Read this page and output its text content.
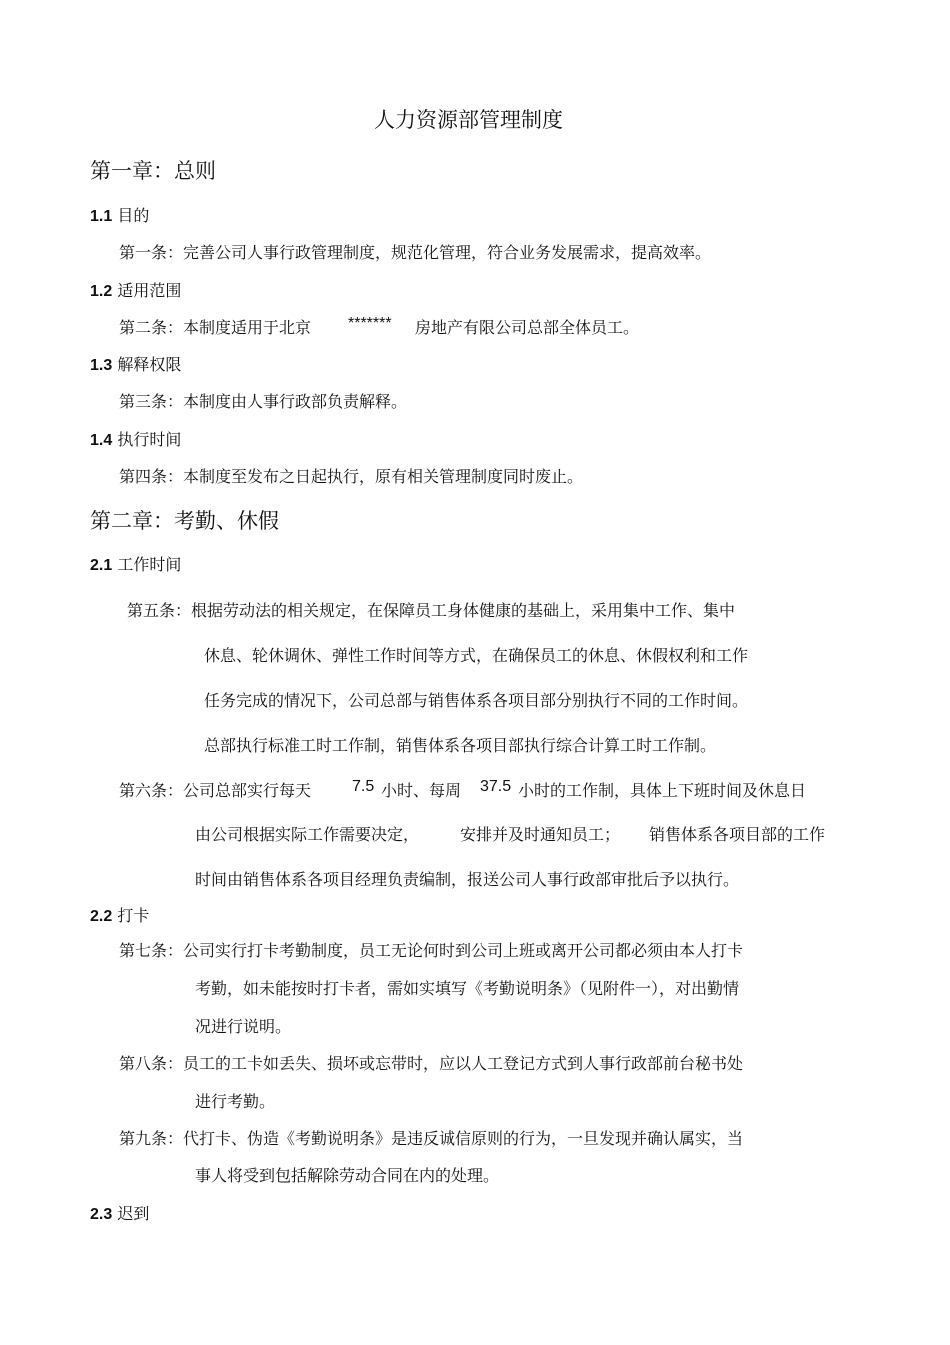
人力资源部管理制度
第一章：总则
1.1 目的
第一条：完善公司人事行政管理制度，规范化管理，符合业务发展需求，提高效率。
1.2 适用范围
第二条：本制度适用于北京 ******* 房地产有限公司总部全体员工。
1.3 解释权限
第三条：本制度由人事行政部负责解释。
1.4 执行时间
第四条：本制度至发布之日起执行，原有相关管理制度同时废止。
第二章：考勤、休假
2.1 工作时间
第五条：根据劳动法的相关规定，在保障员工身体健康的基础上，采用集中工作、集中
休息、轮休调休、弹性工作时间等方式，在确保员工的休息、休假权利和工作
任务完成的情况下，公司总部与销售体系各项目部分别执行不同的工作时间。
总部执行标准工时工作制，销售体系各项目部执行综合计算工时工作制。
第六条：公司总部实行每天	7.5 小时、每周 37.5 小时的工作制，具体上下班时间及休息日
由公司根据实际工作需要决定，	安排并及时通知员工； 销售体系各项目部的工作
时间由销售体系各项目经理负责编制，报送公司人事行政部审批后予以执行。
2.2 打卡
第七条：公司实行打卡考勤制度，员工无论何时到公司上班或离开公司都必须由本人打卡
考勤，如未能按时打卡者，需如实填写《考勤说明条》（见附件一），对出勤情
况进行说明。
第八条：员工的工卡如丢失、损坏或忘带时，应以人工登记方式到人事行政部前台秘书处
进行考勤。
第九条：代打卡、伪造《考勤说明条》是违反诚信原则的行为，一旦发现并确认属实，当
事人将受到包括解除劳动合同在内的处理。
2.3 迟到
